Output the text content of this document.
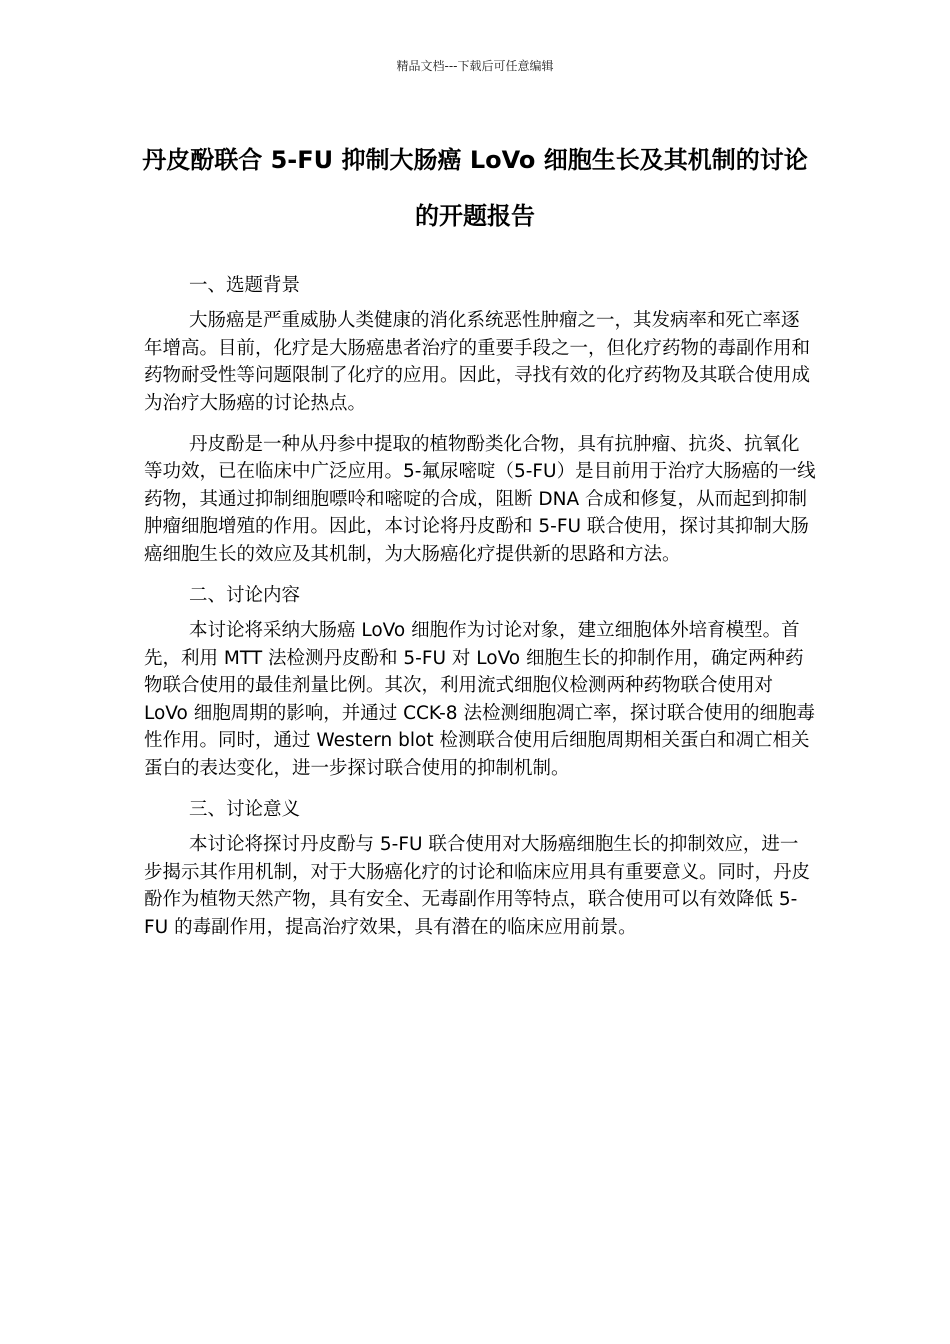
精品文档---下载后可任意编辑
丹皮酚联合 5-FU 抑制大肠癌 LoVo 细胞生长及其机制的讨论的开题报告
一、选题背景

大肠癌是严重威胁人类健康的消化系统恶性肿瘤之一，其发病率和死亡率逐年增高。目前，化疗是大肠癌患者治疗的重要手段之一，但化疗药物的毒副作用和药物耐受性等问题限制了化疗的应用。因此，寻找有效的化疗药物及其联合使用成为治疗大肠癌的讨论热点。

丹皮酚是一种从丹参中提取的植物酚类化合物，具有抗肿瘤、抗炎、抗氧化等功效，已在临床中广泛应用。5-氟尿嘧啶（5-FU）是目前用于治疗大肠癌的一线药物，其通过抑制细胞嘌呤和嘧啶的合成，阻断 DNA 合成和修复，从而起到抑制肿瘤细胞增殖的作用。因此，本讨论将丹皮酚和 5-FU 联合使用，探讨其抑制大肠癌细胞生长的效应及其机制，为大肠癌化疗提供新的思路和方法。

二、讨论内容

本讨论将采纳大肠癌 LoVo 细胞作为讨论对象，建立细胞体外培育模型。首先，利用 MTT 法检测丹皮酚和 5-FU 对 LoVo 细胞生长的抑制作用，确定两种药物联合使用的最佳剂量比例。其次，利用流式细胞仪检测两种药物联合使用对 LoVo 细胞周期的影响，并通过 CCK-8 法检测细胞凋亡率，探讨联合使用的细胞毒性作用。同时，通过 Western blot 检测联合使用后细胞周期相关蛋白和凋亡相关蛋白的表达变化，进一步探讨联合使用的抑制机制。

三、讨论意义

本讨论将探讨丹皮酚与 5-FU 联合使用对大肠癌细胞生长的抑制效应，进一步揭示其作用机制，对于大肠癌化疗的讨论和临床应用具有重要意义。同时，丹皮酚作为植物天然产物，具有安全、无毒副作用等特点，联合使用可以有效降低 5-FU 的毒副作用，提高治疗效果，具有潜在的临床应用前景。
